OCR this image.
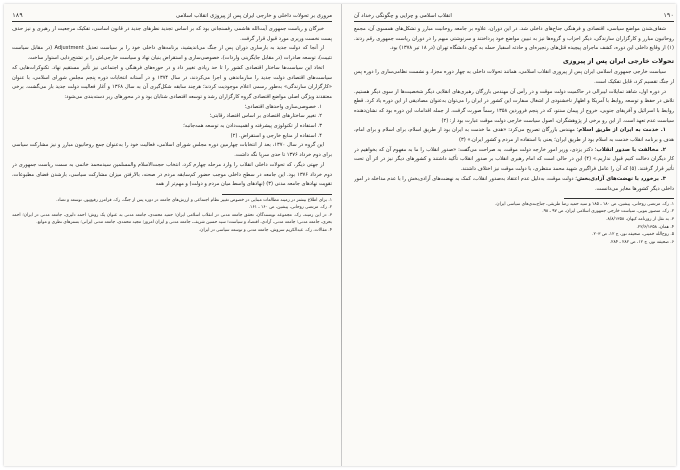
مروری بر تحولات داخلی و خارجی ایران پس از پیروزی انقلاب اسلامی
۱۸۹

خبرگان و ریاست جمهوری آیت‌الله هاشمی رفسنجانی بود که بر اساس تجدید نظرهای جدید در قانون اساسی، تفکیک مرجعیت از رهبری و نیز حذف پست نخست وزیری مورد قبول قرار گرفت.

از آنجا که دولت جدید به بازسازی دوران پس از جنگ می‌اندیشید، برنامه‌های داخلی خود را بر سیاست تعدیل Adjustment (در مقابل سیاست تثبیت)، توسعه صادرات (در مقابل جایگزینی واردات)، خصوصی‌سازی و استقراض بنیان نهاد و سیاست خارجی‌اش را بر تشنج‌زدایی استوار ساخت.

اتخاذ این سیاست‌ها ساختار اقتصادی کشور را تا حد زیادی تغییر داد و در حوزه‌های فرهنگی و اجتماعی نیز تأثیر مستقیم نهاد. تکنوکرات‌هایی که سیاست‌های اقتصادی دولت جدید را سازماندهی و اجرا می‌کردند، در سال ۱۳۷۴ و در آستانه انتخابات دوره پنجم مجلس شورای اسلامی، با عنوان «کارگزاران سازندگی» به‌طور رسمی اعلام موجودیت کردند؛ هرچند سابقه شکل‌گیری آن به سال ۱۳۶۸ و آغاز فعالیت دولت جدید باز می‌گشت. برخی معتقدند ویژگی اصلی مواضع اقتصادی گروه کارگزاران رشد و توسعه اقتصادی شتابان بود و در محورهای زیر دسته‌بندی می‌شود:

۱. خصوصی‌سازی واحدهای اقتصادی؛

۲. تغییر ساختارهای اقتصادی بر اساس اقتصاد رقابتی؛

۳. استفاده از تکنولوژی پیشرفته و اهمیت‌دادن به توسعه همه‌جانبه؛

۴. استفاده از منابع خارجی و استقراض. (۲)

این گروه در سال ۱۳۷۰، بعد از انتخابات چهارمین دوره مجلس شورای اسلامی، فعالیت خود را به‌عنوان جمع روحانیون مبارز و نیز مشارکت سیاسی برای دوم خرداد ۱۳۷۶ تا حدی سرپا نگه داشت.

از جهتی دیگر، که تحولات داخلی انقلاب را وارد مرحله چهارم کرد، انتخاب حجت‌الاسلام والمسلمین سیدمحمد خاتمی به سمت ریاست جمهوری در دوم خرداد ۱۳۷۶ بود. این جامعه در سطح داخلی موجب حضور کم‌سابقه مردم در صحنه، بالارفتن میزان مشارکت سیاسی، بازشدن فضای مطبوعات، تقویت نهادهای جامعه مدنی (۳) (نهادهای واسط میان مردم و دولت) و مهم‌تر از همه

۱. برای اطلاع بیشتر در زمینه مطالعات مبنایی در خصوص تغییر نظام اجتماعی و ارزش‌های جامعه در دوره پس از جنگ، رک. فرامرز رفیع‌پور، توسعه و تضاد.

۲. رک. مرتضی روحانی، پیشین، ص ۱۶۰ ـ ۱۶۱.

۳. در این زمینه، رک. مجموعه نویسندگان، تحقق جامعه مدنی در انقلاب اسلامی ایران؛ حمید محمدی، جامعه مدنی به عنوان یک روش؛ احمد دلیری، جامعه مدنی در ایران؛ احمد بحری، جامعه مدنی؛ جامعه مدنی، آزادی، اقتصاد و سیاست؛ سید حسین شریف، جامعه مدنی و ایران امروز؛ مجید محمدی، جامعه مدنی ایرانی؛ بسترهای نظری و موانع.

۴. مقالات، رک. عبدالکریم سروش، جامعه مدنی و توسعه سیاسی در ایران.

۱۹۰
انقلاب اسلامی و چرایی و چگونگی رخداد آن

شفاف‌شدن مواضع سیاسی، اقتصادی و فرهنگی جناح‌های داخلی شد. در این دوران، علاوه بر جامعه روحانیت مبارز و تشکل‌های همسوی آن، مجمع روحانیون مبارز و کارگزاران سازندگی، دیگر احزاب و گروه‌ها نیز به تبیین مواضع خود پرداختند و سرنوشتی مبهم را در دوران ریاست جمهوری رقم زدند. (۱) از وقایع داخلی این دوره، کشف ماجرای پیچیده قتل‌های زنجیره‌ای و حادثه اسفبار حمله به کوی دانشگاه تهران (در ۱۸ تیر ۱۳۷۸) بود.

تحولات خارجی ایران پس از پیروزی

سیاست خارجی جمهوری اسلامی ایران پس از پیروزی انقلاب اسلامی، همانند تحولات داخلی به چهار دوره مجزا، و نشست نظامی‌سازی را دوره پس از جنگ تقسیم کرد، قابل تفکیک است.

در دوره اول، شاهد تمایلات لیبرالی در حاکمیت دولت موقت و در رأس آن مهندس بازرگان رهبری‌های انقلابی دیگر شخصیت‌ها از سوی دیگر هستیم. تلاش در حفظ و توسعه روابط با آمریکا و اظهار ناخشنودی از اشغال سفارت این کشور در ایران را می‌توان به‌عنوان مصادیقی از این دوره یاد کرد. قطع روابط با اسرائیل و آفریقای جنوبی، خروج از پیمان سنتو، که در پنجم فروردین ۱۳۵۸ رسماً صورت گرفت، از جمله اقدامات این دوره بود که نشان‌دهنده سیاست عدم تعهد است. از این رو برخی از پژوهشگران، اصول سیاست خارجی دولت موقت عبارت بود از: (۲)

۱. خدمت به ایران از طریق اسلام؛ مهندس بازرگان تصریح می‌کرد: «هدف ما خدمت به ایران بود از طریق اسلام، برای اسلام و برای امام، هدف و برنامه انقلاب خدمت به اسلام بود از طریق ایران؛ یعنی با استفاده از مردم و کشور ایران.» (۳)

۲. مخالفت با صدور انقلاب؛ دکتر یزدی، وزیر امور خارجه دولت موقت، به صراحت می‌گفت: «صدور انقلاب را ما به مفهوم آن که بخواهیم در کار دیگران دخالت کنیم قبول نداریم.» (۴) این در حالی است که امام رهبری انقلاب بر صدور انقلاب تأکید داشتند و کشورهای دیگر نیز در اثر آن تحت تأثیر قرار گرفتند. (۵) که آن را عامل فراگیری شهید محمد منتظری، با دولت موقت نیز اختلاف داشتند.

۳. برخورد با نهضت‌های آزادی‌بخش؛ دولت موقت، به‌دلیل عدم اعتقاد به‌صدور انقلاب، کمک به نهضت‌های آزادی‌بخش را با عدم مداخله در امور داخلی دیگر کشورها مغایر می‌دانست.

۱. رک. مرتضی روحانی، پیشین، ص ۱۸۰ ـ ۱۸۵ و سید حمید رضا طریقی، جناح‌بندی‌های سیاسی ایران.

۲. رک. منصور بتویی، سیاست خارجی جمهوری اسلامی ایران، ص ۹۷ ـ ۹۸.

۳. به نقل از روزنامه کیهان، ۸/۸/۱۳۵۸.

۴. همان، ۲۲/۶/۱۳۵۸.

۵. روح‌الله خمینی، صحیفه نور، ج ۱۲، ص ۲۰۳.

۶. صحیفه نور، ج ۱۲، ص ۲۸۲ ـ ۲۸۴.
